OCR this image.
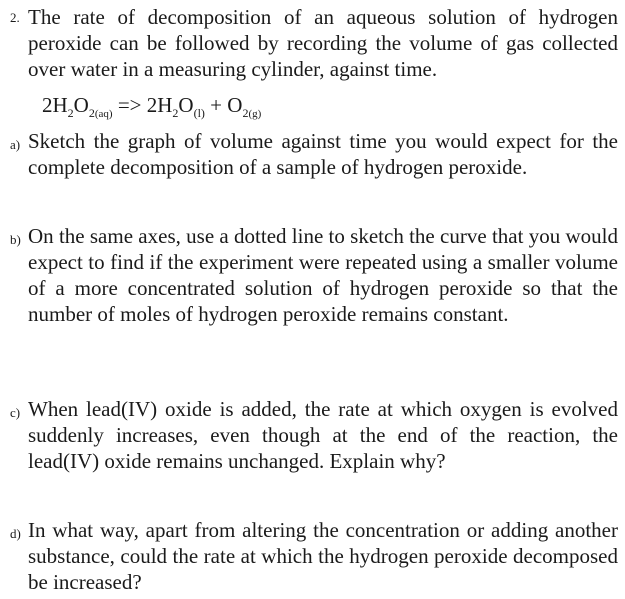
2. The rate of decomposition of an aqueous solution of hydrogen peroxide can be followed by recording the volume of gas collected over water in a measuring cylinder, against time.
$2H_2O_{2(aq)} => 2H_2O_{(l)} + O_{2(g)}$
a) Sketch the graph of volume against time you would expect for the complete decomposition of a sample of hydrogen peroxide.
b) On the same axes, use a dotted line to sketch the curve that you would expect to find if the experiment were repeated using a smaller volume of a more concentrated solution of hydrogen peroxide so that the number of moles of hydrogen peroxide remains constant.
c) When lead(IV) oxide is added, the rate at which oxygen is evolved suddenly increases, even though at the end of the reaction, the lead(IV) oxide remains unchanged. Explain why?
d) In what way, apart from altering the concentration or adding another substance, could the rate at which the hydrogen peroxide decomposed be increased?
